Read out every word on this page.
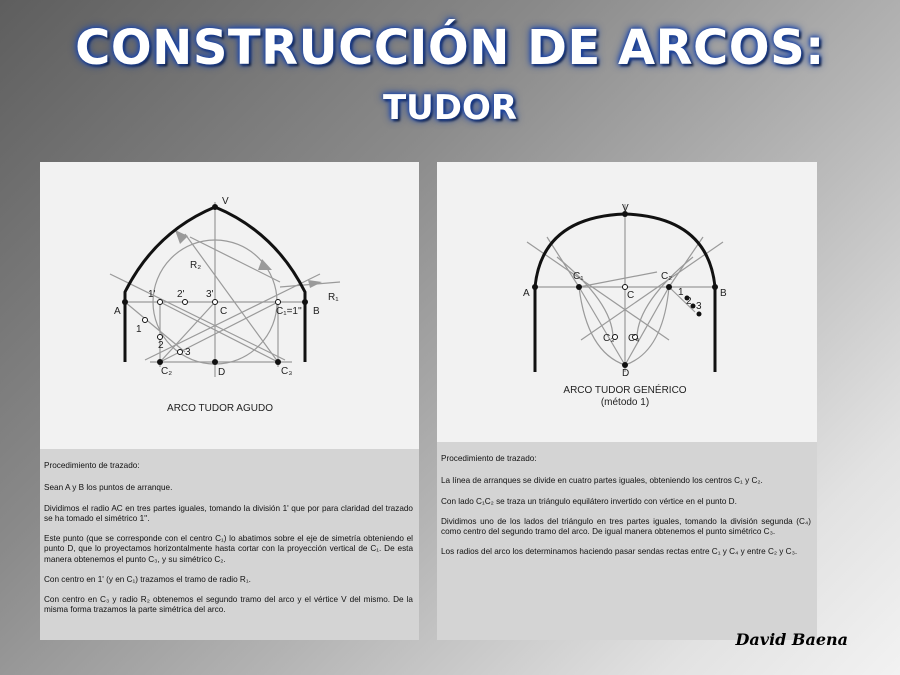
CONSTRUCCIÓN DE ARCOS:
TUDOR
V
A	B
C
D
R₂
R₁
1
2
3
1' 2' 3'
C₁=1''
C₂	C₃
ARCO TUDOR AGUDO

Procedimiento de trazado:

Sean A y B los puntos de arranque.

Dividimos el radio AC en tres partes iguales, tomando la división 1' que por para claridad del trazado se ha tomado el simétrico 1''.

Este punto (que se corresponde con el centro C₁) lo abatimos sobre el eje de simetría obteniendo el punto D, que lo proyectamos horizontalmente hasta cortar con la proyección vertical de C₁. De esta manera obtenemos el punto C₃, y su simétrico C₂.

Con centro en 1' (y en C₁) trazamos el tramo de radio R₁.

Con centro en C₃ y radio R₂ obtenemos el segundo tramo del arco y el vértice V del mismo. De la misma forma trazamos la parte simétrica del arco.

V
A	B
C
D
C₁	C₂
C₃ C₄
1
2 3
ARCO TUDOR GENÉRICO
(método 1)

Procedimiento de trazado:

La línea de arranques se divide en cuatro partes iguales, obteniendo los centros C₁ y C₂.

Con lado C₁C₂ se traza un triángulo equilátero invertido con vértice en el punto D.

Dividimos uno de los lados del triángulo en tres partes iguales, tomando la división segunda (C₄) como centro del segundo tramo del arco. De igual manera obtenemos el punto simétrico C₃.

Los radios del arco los determinamos haciendo pasar sendas rectas entre C₁ y C₄ y entre C₂ y C₃.

David Baena
